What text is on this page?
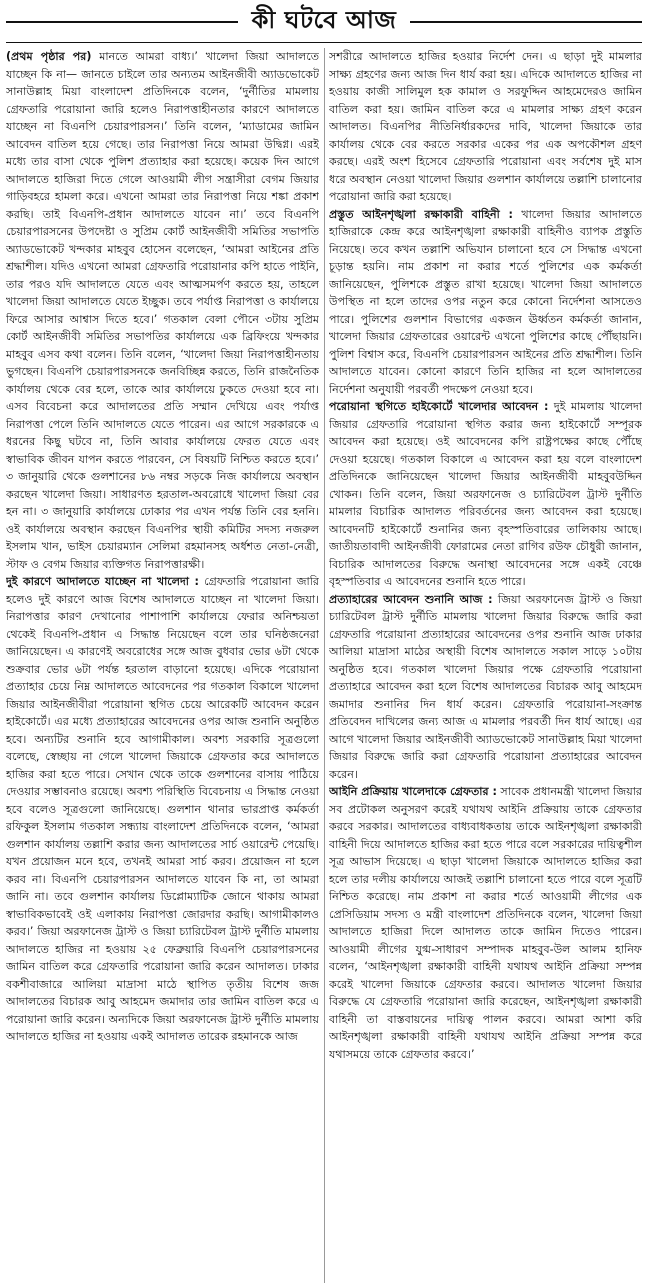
কী ঘটবে আজ

(প্রথম পৃষ্ঠার পর) মানতে আমরা বাধ্য।’ খালেদা জিয়া আদালতে যাচ্ছেন কি না— জানতে চাইলে তার অন্যতম আইনজীবী অ্যাডভোকেট সানাউল্লাহ মিয়া বাংলাদেশ প্রতিদিনকে বলেন, ‘দুর্নীতির মামলায় গ্রেফতারি পরোয়ানা জারি হলেও নিরাপত্তাহীনতার কারণে আদালতে যাচ্ছেন না বিএনপি চেয়ারপারসন।’ তিনি বলেন, ‘ম্যাডামের জামিন আবেদন বাতিল হয়ে গেছে। তার নিরাপত্তা নিয়ে আমরা উদ্বিগ্ন। এরই মধ্যে তার বাসা থেকে পুলিশ প্রত্যাহার করা হয়েছে। কয়েক দিন আগে আদালতে হাজিরা দিতে গেলে আওয়ামী লীগ সন্ত্রাসীরা বেগম জিয়ার গাড়িবহরে হামলা করে। এখনো আমরা তার নিরাপত্তা নিয়ে শঙ্কা প্রকাশ করছি। তাই বিএনপি-প্রধান আদালতে যাবেন না।’ তবে বিএনপি চেয়ারপারসনের উপদেষ্টা ও সুপ্রিম কোর্ট আইনজীবী সমিতির সভাপতি অ্যাডভোকেট খন্দকার মাহবুব হোসেন বলেছেন, ‘আমরা আইনের প্রতি শ্রদ্ধাশীল। যদিও এখনো আমরা গ্রেফতারি পরোয়ানার কপি হাতে পাইনি, তার পরও যদি আদালতে যেতে এবং আত্মসমর্পণ করতে হয়, তাহলে খালেদা জিয়া আদালতে যেতে ইচ্ছুক। তবে পর্যাপ্ত নিরাপত্তা ও কার্যালয়ে ফিরে আসার আশ্বাস দিতে হবে।’ গতকাল বেলা পৌনে ৩টায় সুপ্রিম কোর্ট আইনজীবী সমিতির সভাপতির কার্যালয়ে এক ব্রিফিংয়ে খন্দকার মাহবুব এসব কথা বলেন। তিনি বলেন, ‘খালেদা জিয়া নিরাপত্তাহীনতায় ভুগছেন। বিএনপি চেয়ারপারসনকে জনবিচ্ছিন্ন করতে, তিনি রাজনৈতিক কার্যালয় থেকে বের হলে, তাকে আর কার্যালয়ে ঢুকতে দেওয়া হবে না। এসব বিবেচনা করে আদালতের প্রতি সম্মান দেখিয়ে এবং পর্যাপ্ত নিরাপত্তা পেলে তিনি আদালতে যেতে পারেন। এর আগে সরকারকে এ ধরনের কিছু ঘটবে না, তিনি আবার কার্যালয়ে ফেরত যেতে এবং স্বাভাবিক জীবন যাপন করতে পারবেন, সে বিষয়টি নিশ্চিত করতে হবে।’ ৩ জানুয়ারি থেকে গুলশানের ৮৬ নম্বর সড়কে নিজ কার্যালয়ে অবস্থান করছেন খালেদা জিয়া। সাধারণত হরতাল-অবরোধে খালেদা জিয়া বের হন না। ৩ জানুয়ারি কার্যালয়ে ঢোকার পর এখন পর্যন্ত তিনি বের হননি। ওই কার্যালয়ে অবস্থান করছেন বিএনপির স্থায়ী কমিটির সদস্য নজরুল ইসলাম খান, ভাইস চেয়ারম্যান সেলিমা রহমানসহ অর্ধশত নেতা-নেত্রী, স্টাফ ও বেগম জিয়ার ব্যক্তিগত নিরাপত্তারক্ষী।

দুই কারণে আদালতে যাচ্ছেন না খালেদা : গ্রেফতারি পরোয়ানা জারি হলেও দুই কারণে আজ বিশেষ আদালতে যাচ্ছেন না খালেদা জিয়া। নিরাপত্তার কারণ দেখানোর পাশাপাশি কার্যালয়ে ফেরার অনিশ্চয়তা থেকেই বিএনপি-প্রধান এ সিদ্ধান্ত নিয়েছেন বলে তার ঘনিষ্ঠজনেরা জানিয়েছেন। এ কারণেই অবরোধের সঙ্গে আজ বুধবার ভোর ৬টা থেকে শুক্রবার ভোর ৬টা পর্যন্ত হরতাল বাড়ানো হয়েছে। এদিকে পরোয়ানা প্রত্যাহার চেয়ে নিম্ন আদালতে আবেদনের পর গতকাল বিকালে খালেদা জিয়ার আইনজীবীরা পরোয়ানা স্থগিত চেয়ে আরেকটি আবেদন করেন হাইকোর্টে। এর মধ্যে প্রত্যাহারের আবেদনের ওপর আজ শুনানি অনুষ্ঠিত হবে। অন্যটির শুনানি হবে আগামীকাল। অবশ্য সরকারি সূত্রগুলো বলেছে, স্বেচ্ছায় না গেলে খালেদা জিয়াকে গ্রেফতার করে আদালতে হাজির করা হতে পারে। সেখান থেকে তাকে গুলশানের বাসায় পাঠিয়ে দেওয়ার সম্ভাবনাও রয়েছে। অবশ্য পরিস্থিতি বিবেচনায় এ সিদ্ধান্ত নেওয়া হবে বলেও সূত্রগুলো জানিয়েছে। গুলশান থানার ভারপ্রাপ্ত কর্মকর্তা রফিকুল ইসলাম গতকাল সন্ধ্যায় বাংলাদেশ প্রতিদিনকে বলেন, ‘আমরা গুলশান কার্যালয় তল্লাশি করার জন্য আদালতের সার্চ ওয়ারেন্ট পেয়েছি। যখন প্রয়োজন মনে হবে, তখনই আমরা সার্চ করব। প্রয়োজন না হলে করব না। বিএনপি চেয়ারপারসন আদালতে যাবেন কি না, তা আমরা জানি না। তবে গুলশান কার্যালয় ডিপ্লোম্যাটিক জোনে থাকায় আমরা স্বাভাবিকভাবেই ওই এলাকায় নিরাপত্তা জোরদার করছি। আগামীকালও করব।’ জিয়া অরফানেজ ট্রাস্ট ও জিয়া চ্যারিটেবল ট্রাস্ট দুর্নীতি মামলায় আদালতে হাজির না হওয়ায় ২৫ ফেব্রুয়ারি বিএনপি চেয়ারপারসনের জামিন বাতিল করে গ্রেফতারি পরোয়ানা জারি করেন আদালত। ঢাকার বকশীবাজারে আলিয়া মাদ্রাসা মাঠে স্থাপিত তৃতীয় বিশেষ জজ আদালতের বিচারক আবু আহমেদ জমাদার তার জামিন বাতিল করে এ পরোয়ানা জারি করেন। অন্যদিকে জিয়া অরফানেজ ট্রাস্ট দুর্নীতি মামলায় আদালতে হাজির না হওয়ায় একই আদালত তারেক রহমানকে আজ

সশরীরে আদালতে হাজির হওয়ার নির্দেশ দেন। এ ছাড়া দুই মামলার সাক্ষ্য গ্রহণের জন্য আজ দিন ধার্য করা হয়। এদিকে আদালতে হাজির না হওয়ায় কাজী সালিমুল হক কামাল ও সরফুদ্দিন আহমেদেরও জামিন বাতিল করা হয়। জামিন বাতিল করে এ মামলার সাক্ষ্য গ্রহণ করেন আদালত। বিএনপির নীতিনির্ধারকদের দাবি, খালেদা জিয়াকে তার কার্যালয় থেকে বের করতে সরকার একের পর এক অপকৌশল গ্রহণ করছে। এরই অংশ হিসেবে গ্রেফতারি পরোয়ানা এবং সর্বশেষ দুই মাস ধরে অবস্থান নেওয়া খালেদা জিয়ার গুলশান কার্যালয়ে তল্লাশি চালানোর পরোয়ানা জারি করা হয়েছে।

প্রস্তুত আইনশৃঙ্খলা রক্ষাকারী বাহিনী : খালেদা জিয়ার আদালতে হাজিরাকে কেন্দ্র করে আইনশৃঙ্খলা রক্ষাকারী বাহিনীও ব্যাপক প্রস্তুতি নিয়েছে। তবে কখন তল্লাশি অভিযান চালানো হবে সে সিদ্ধান্ত এখনো চূড়ান্ত হয়নি। নাম প্রকাশ না করার শর্তে পুলিশের এক কর্মকর্তা জানিয়েছেন, পুলিশকে প্রস্তুত রাখা হয়েছে। খালেদা জিয়া আদালতে উপস্থিত না হলে তাদের ওপর নতুন করে কোনো নির্দেশনা আসতেও পারে। পুলিশের গুলশান বিভাগের একজন ঊর্ধ্বতন কর্মকর্তা জানান, খালেদা জিয়ার গ্রেফতারের ওয়ারেন্ট এখনো পুলিশের কাছে পৌঁছায়নি। পুলিশ বিশ্বাস করে, বিএনপি চেয়ারপারসন আইনের প্রতি শ্রদ্ধাশীল। তিনি আদালতে যাবেন। কোনো কারণে তিনি হাজির না হলে আদালতের নির্দেশনা অনুযায়ী পরবর্তী পদক্ষেপ নেওয়া হবে।

পরোয়ানা স্থগিতে হাইকোর্টে খালেদার আবেদন : দুই মামলায় খালেদা জিয়ার গ্রেফতারি পরোয়ানা স্থগিত করার জন্য হাইকোর্টে সম্পূরক আবেদন করা হয়েছে। ওই আবেদনের কপি রাষ্ট্রপক্ষের কাছে পৌঁছে দেওয়া হয়েছে। গতকাল বিকালে এ আবেদন করা হয় বলে বাংলাদেশ প্রতিদিনকে জানিয়েছেন খালেদা জিয়ার আইনজীবী মাহবুবউদ্দিন খোকন। তিনি বলেন, জিয়া অরফানেজ ও চ্যারিটেবল ট্রাস্ট দুর্নীতি মামলার বিচারিক আদালত পরিবর্তনের জন্য আবেদন করা হয়েছে। আবেদনটি হাইকোর্টে শুনানির জন্য বৃহস্পতিবারের তালিকায় আছে। জাতীয়তাবাদী আইনজীবী ফোরামের নেতা রাগিব রউফ চৌধুরী জানান, বিচারিক আদালতের বিরুদ্ধে অনাস্থা আবেদনের সঙ্গে একই বেঞ্চে বৃহস্পতিবার এ আবেদনের শুনানি হতে পারে।

প্রত্যাহারের আবেদন শুনানি আজ : জিয়া অরফানেজ ট্রাস্ট ও জিয়া চ্যারিটেবল ট্রাস্ট দুর্নীতি মামলায় খালেদা জিয়ার বিরুদ্ধে জারি করা গ্রেফতারি পরোয়ানা প্রত্যাহারের আবেদনের ওপর শুনানি আজ ঢাকার আলিয়া মাদ্রাসা মাঠের অস্থায়ী বিশেষ আদালতে সকাল সাড়ে ১০টায় অনুষ্ঠিত হবে। গতকাল খালেদা জিয়ার পক্ষে গ্রেফতারি পরোয়ানা প্রত্যাহারে আবেদন করা হলে বিশেষ আদালতের বিচারক আবু আহমেদ জমাদার শুনানির দিন ধার্য করেন। গ্রেফতারি পরোয়ানা-সংক্রান্ত প্রতিবেদন দাখিলের জন্য আজ এ মামলার পরবর্তী দিন ধার্য আছে। এর আগে খালেদা জিয়ার আইনজীবী অ্যাডভোকেট সানাউল্লাহ মিয়া খালেদা জিয়ার বিরুদ্ধে জারি করা গ্রেফতারি পরোয়ানা প্রত্যাহারের আবেদন করেন।

আইনি প্রক্রিয়ায় খালেদাকে গ্রেফতার : সাবেক প্রধানমন্ত্রী খালেদা জিয়ার সব প্রটোকল অনুসরণ করেই যথাযথ আইনি প্রক্রিয়ায় তাকে গ্রেফতার করবে সরকার। আদালতের বাধ্যবাধকতায় তাকে আইনশৃঙ্খলা রক্ষাকারী বাহিনী দিয়ে আদালতে হাজির করা হতে পারে বলে সরকারের দায়িত্বশীল সূত্র আভাস দিয়েছে। এ ছাড়া খালেদা জিয়াকে আদালতে হাজির করা হলে তার দলীয় কার্যালয়ে আজই তল্লাশি চালানো হতে পারে বলে সূত্রটি নিশ্চিত করেছে। নাম প্রকাশ না করার শর্তে আওয়ামী লীগের এক প্রেসিডিয়াম সদস্য ও মন্ত্রী বাংলাদেশ প্রতিদিনকে বলেন, খালেদা জিয়া আদালতে হাজিরা দিলে আদালত তাকে জামিন দিতেও পারেন। আওয়ামী লীগের যুগ্ম-সাধারণ সম্পাদক মাহবুব-উল আলম হানিফ বলেন, ‘আইনশৃঙ্খলা রক্ষাকারী বাহিনী যথাযথ আইনি প্রক্রিয়া সম্পন্ন করেই খালেদা জিয়াকে গ্রেফতার করবে। আদালত খালেদা জিয়ার বিরুদ্ধে যে গ্রেফতারি পরোয়ানা জারি করেছেন, আইনশৃঙ্খলা রক্ষাকারী বাহিনী তা বাস্তবায়নের দায়িত্ব পালন করবে। আমরা আশা করি আইনশৃঙ্খলা রক্ষাকারী বাহিনী যথাযথ আইনি প্রক্রিয়া সম্পন্ন করে যথাসময়ে তাকে গ্রেফতার করবে।’
